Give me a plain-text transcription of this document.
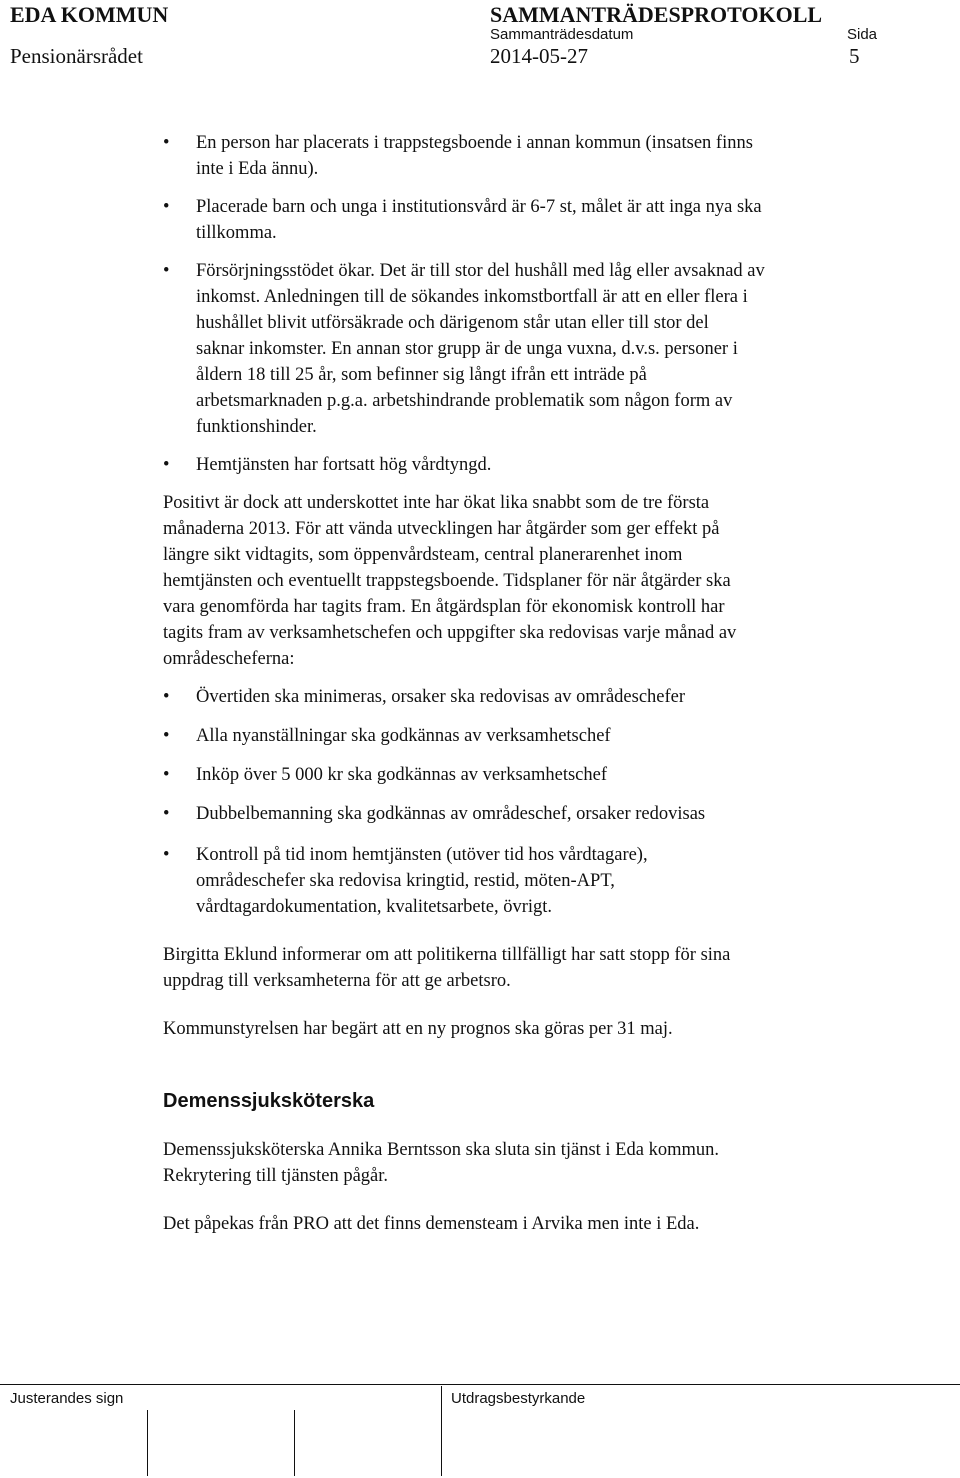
EDA KOMMUN	SAMMANTRÄDESPROTOKOLL
Sammanträdesdatum	Sida
Pensionärsrådet	2014-05-27	5
• En person har placerats i trappstegsboende i annan kommun (insatsen finns
inte i Eda ännu).
• Placerade barn och unga i institutionsvård är 6-7 st, målet är att inga nya ska
tillkomma.
• Försörjningsstödet ökar. Det är till stor del hushåll med låg eller avsaknad av
inkomst. Anledningen till de sökandes inkomstbortfall är att en eller flera i
hushållet blivit utförsäkrade och därigenom står utan eller till stor del
saknar inkomster. En annan stor grupp är de unga vuxna, d.v.s. personer i
åldern 18 till 25 år, som befinner sig långt ifrån ett inträde på
arbetsmarknaden p.g.a. arbetshindrande problematik som någon form av
funktionshinder.
• Hemtjänsten har fortsatt hög vårdtyngd.
Positivt är dock att underskottet inte har ökat lika snabbt som de tre första
månaderna 2013. För att vända utvecklingen har åtgärder som ger effekt på
längre sikt vidtagits, som öppenvårdsteam, central planerarenhet inom
hemtjänsten och eventuellt trappstegsboende. Tidsplaner för när åtgärder ska
vara genomförda har tagits fram. En åtgärdsplan för ekonomisk kontroll har
tagits fram av verksamhetschefen och uppgifter ska redovisas varje månad av
områdescheferna:
• Övertiden ska minimeras, orsaker ska redovisas av områdeschefer
• Alla nyanställningar ska godkännas av verksamhetschef
• Inköp över 5 000 kr ska godkännas av verksamhetschef
• Dubbelbemanning ska godkännas av områdeschef, orsaker redovisas
• Kontroll på tid inom hemtjänsten (utöver tid hos vårdtagare),
områdeschefer ska redovisa kringtid, restid, möten-APT,
vårdtagardokumentation, kvalitetsarbete, övrigt.
Birgitta Eklund informerar om att politikerna tillfälligt har satt stopp för sina
uppdrag till verksamheterna för att ge arbetsro.
Kommunstyrelsen har begärt att en ny prognos ska göras per 31 maj.
Demenssjuksköterska
Demenssjuksköterska Annika Berntsson ska sluta sin tjänst i Eda kommun.
Rekrytering till tjänsten pågår.
Det påpekas från PRO att det finns demensteam i Arvika men inte i Eda.
Justerandes sign	Utdragsbestyrkande
